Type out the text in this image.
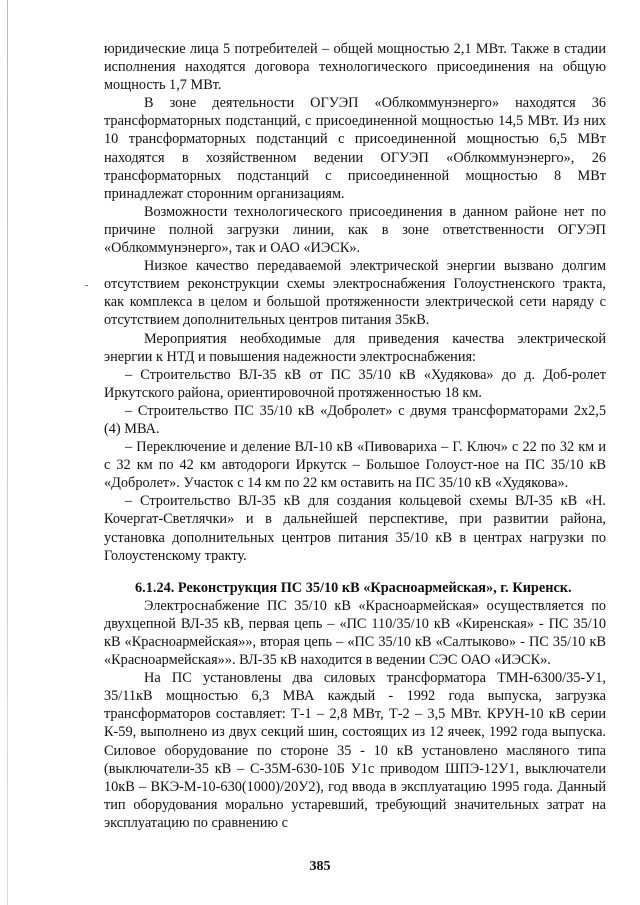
юридические лица 5 потребителей – общей мощностью 2,1 МВт. Также в стадии исполнения находятся договора технологического присоединения на общую мощность 1,7 МВт.

В зоне деятельности ОГУЭП «Облкоммунэнерго» находятся 36 трансформаторных подстанций, с присоединенной мощностью 14,5 МВт. Из них 10 трансформаторных подстанций с присоединенной мощностью 6,5 МВт находятся в хозяйственном ведении ОГУЭП «Облкоммунэнерго», 26 трансформаторных подстанций с присоединенной мощностью 8 МВт принадлежат сторонним организациям.

Возможности технологического присоединения в данном районе нет по причине полной загрузки линии, как в зоне ответственности ОГУЭП «Облкоммунэнерго», так и ОАО «ИЭСК».

Низкое качество передаваемой электрической энергии вызвано долгим отсутствием реконструкции схемы электроснабжения Голоустненского тракта, как комплекса в целом и большой протяженности электрической сети наряду с отсутствием дополнительных центров питания 35кВ.

Мероприятия необходимые для приведения качества электрической энергии к НТД и повышения надежности электроснабжения:

– Строительство ВЛ-35 кВ от ПС 35/10 кВ «Худякова» до д. Доб-ролет Иркутского района, ориентировочной протяженностью 18 км.

– Строительство ПС 35/10 кВ «Добролет» с двумя трансформаторами 2х2,5 (4) МВА.

– Переключение и деление ВЛ-10 кВ «Пивовариха – Г. Ключ» с 22 по 32 км и с 32 км по 42 км автодороги Иркутск – Большое Голоуст-ное на ПС 35/10 кВ «Добролет». Участок с 14 км по 22 км оставить на ПС 35/10 кВ «Худякова».

– Строительство ВЛ-35 кВ для создания кольцевой схемы ВЛ-35 кВ «Н. Кочергат-Светлячки» и в дальнейшей перспективе, при развитии района, установка дополнительных центров питания 35/10 кВ в центрах нагрузки по Голоустенскому тракту.

6.1.24. Реконструкция ПС 35/10 кВ «Красноармейская», г. Киренск.

Электроснабжение ПС 35/10 кВ «Красноармейская» осуществляется по двухцепной ВЛ-35 кВ, первая цепь – «ПС 110/35/10 кВ «Киренская» - ПС 35/10 кВ «Красноармейская»», вторая цепь – «ПС 35/10 кВ «Салтыково» - ПС 35/10 кВ «Красноармейская»». ВЛ-35 кВ находится в ведении СЭС ОАО «ИЭСК».

На ПС установлены два силовых трансформатора ТМН-6300/35-У1, 35/11кВ мощностью 6,3 МВА каждый - 1992 года выпуска, загрузка трансформаторов составляет: Т-1 – 2,8 МВт, Т-2 – 3,5 МВт. КРУН-10 кВ серии К-59, выполнено из двух секций шин, состоящих из 12 ячеек, 1992 года выпуска. Силовое оборудование по стороне 35 - 10 кВ установлено масляного типа (выключатели-35 кВ – С-35М-630-10Б У1с приводом ШПЭ-12У1, выключатели 10кВ – ВКЭ-М-10-630(1000)/20У2), год ввода в эксплуатацию 1995 года. Данный тип оборудования морально устаревший, требующий значительных затрат на эксплуатацию по сравнению с

385
